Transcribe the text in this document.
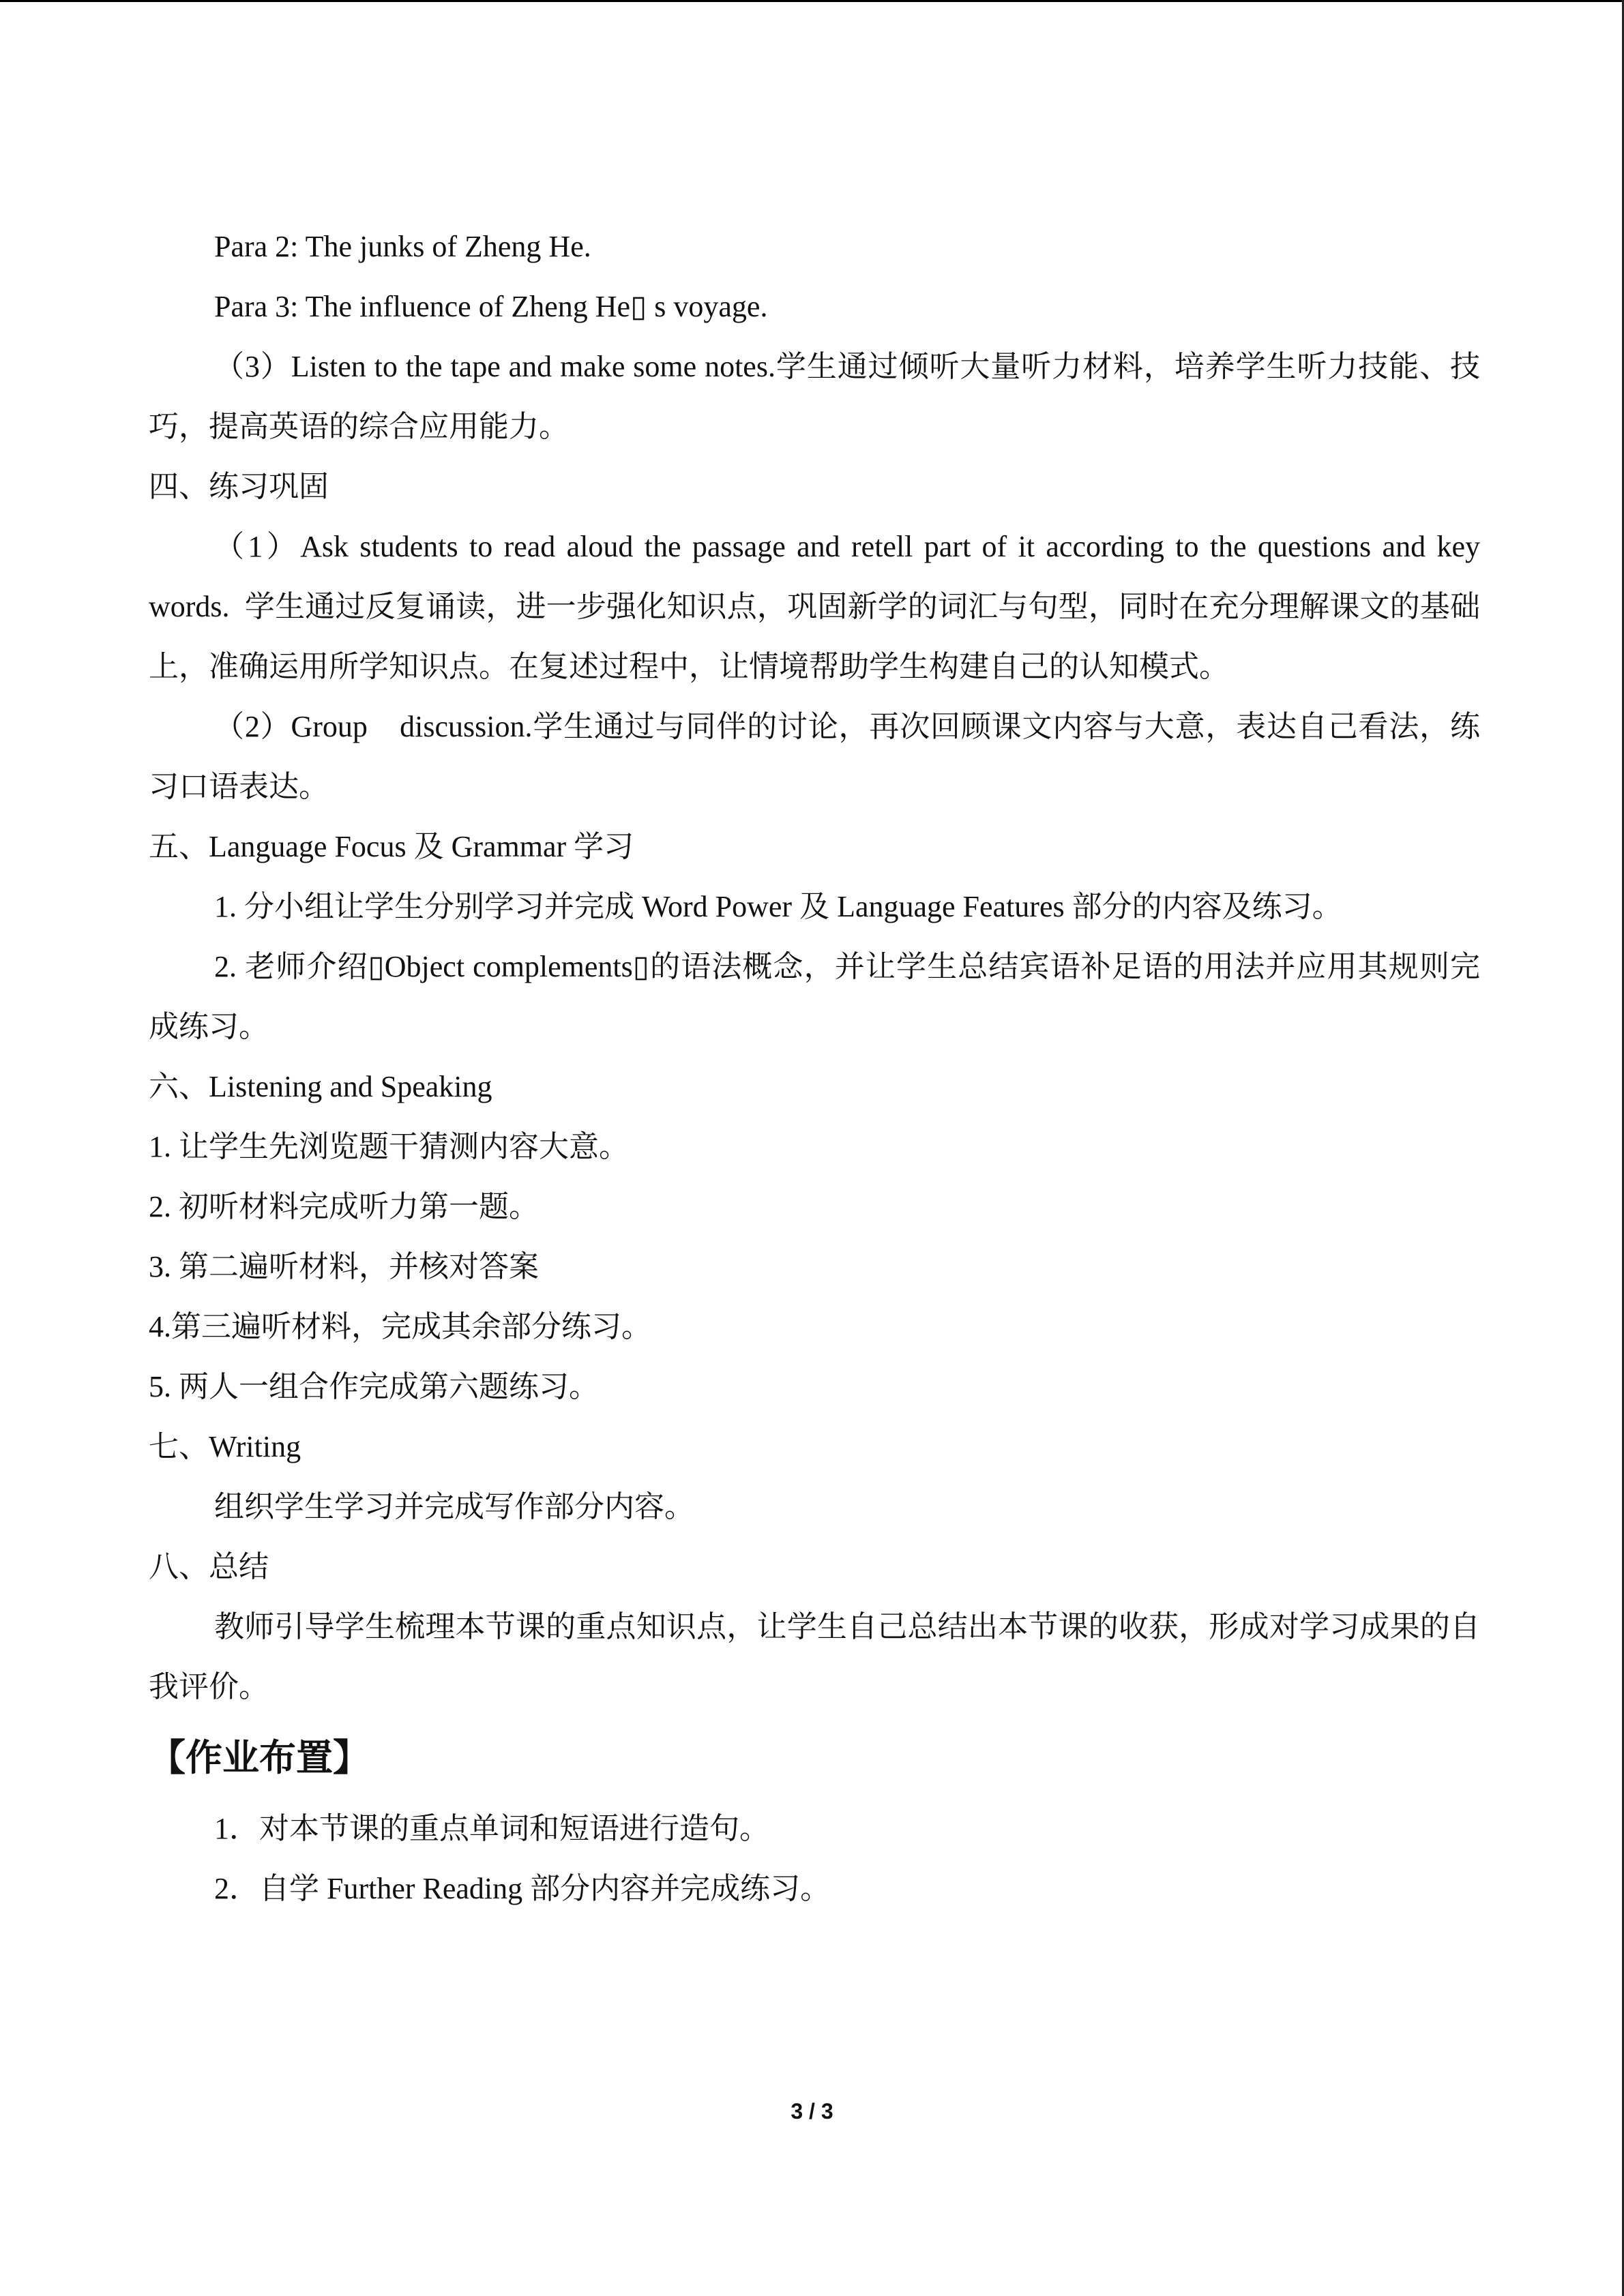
Para 2: The junks of Zheng He.

Para 3: The influence of Zheng He▯ s voyage.

（3）Listen to the tape and make some notes.学生通过倾听大量听力材料，培养学生听力技能、技巧，提高英语的综合应用能力。

四、练习巩固

（1）Ask students to read aloud the passage and retell part of it according to the questions and key  words.  学生通过反复诵读，进一步强化知识点，巩固新学的词汇与句型，同时在充分理解课文的基础上，准确运用所学知识点。在复述过程中，让情境帮助学生构建自己的认知模式。

（2）Group    discussion.学生通过与同伴的讨论，再次回顾课文内容与大意，表达自己看法，练习口语表达。

五、Language Focus 及 Grammar 学习

1. 分小组让学生分别学习并完成 Word Power 及 Language Features 部分的内容及练习。

2. 老师介绍▯Object complements▯的语法概念，并让学生总结宾语补足语的用法并应用其规则完成练习。

六、Listening and Speaking

1. 让学生先浏览题干猜测内容大意。

2. 初听材料完成听力第一题。

3. 第二遍听材料，并核对答案

4.第三遍听材料，完成其余部分练习。

5. 两人一组合作完成第六题练习。

七、Writing

组织学生学习并完成写作部分内容。

八、总结

教师引导学生梳理本节课的重点知识点，让学生自己总结出本节课的收获，形成对学习成果的自我评价。

【作业布置】

1．对本节课的重点单词和短语进行造句。

2．自学 Further Reading 部分内容并完成练习。

3 / 3
